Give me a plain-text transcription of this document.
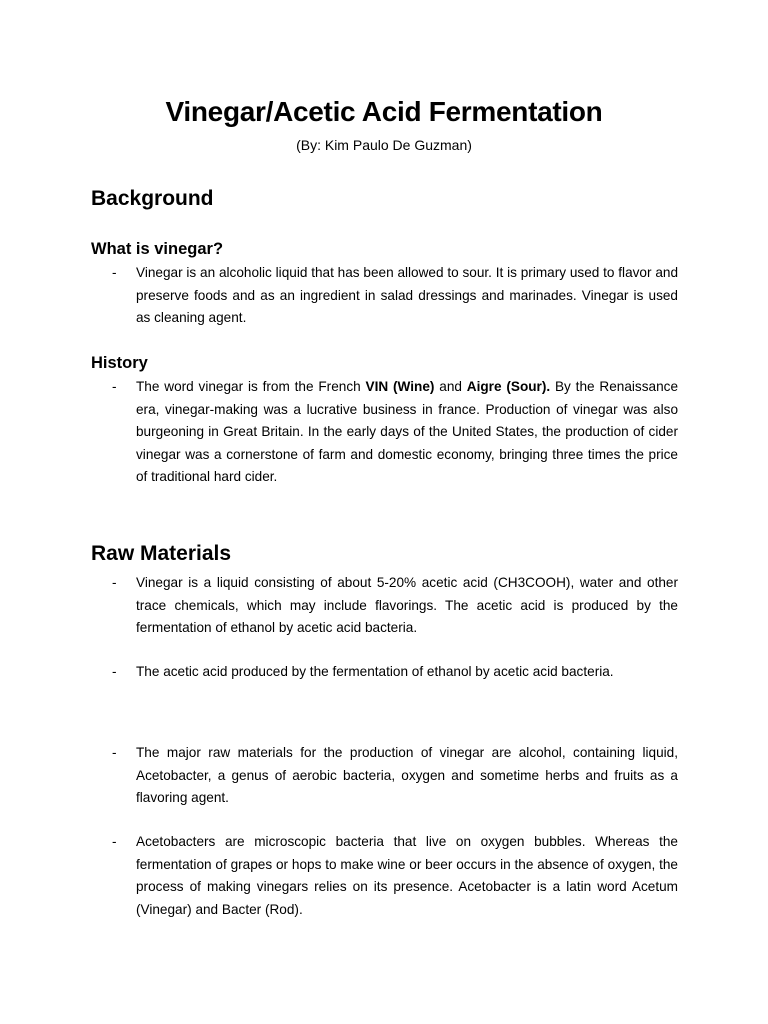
Vinegar/Acetic Acid Fermentation
(By: Kim Paulo De Guzman)
Background
What is vinegar?
-	Vinegar is an alcoholic liquid that has been allowed to sour. It is primary used to flavor and preserve foods and as an ingredient in salad dressings and marinades. Vinegar is used as cleaning agent.
History
-	The word vinegar is from the French VIN (Wine) and Aigre (Sour). By the Renaissance era, vinegar-making was a lucrative business in france. Production of vinegar was also burgeoning in Great Britain. In the early days of the United States, the production of cider vinegar was a cornerstone of farm and domestic economy, bringing three times the price of traditional hard cider.
Raw Materials
-	Vinegar is a liquid consisting of about 5-20% acetic acid (CH3COOH), water and other trace chemicals, which may include flavorings. The acetic acid is produced by the fermentation of ethanol by acetic acid bacteria.
-	The acetic acid produced by the fermentation of ethanol by acetic acid bacteria.
-	The major raw materials for the production of vinegar are alcohol, containing liquid, Acetobacter, a genus of aerobic bacteria, oxygen and sometime herbs and fruits as a flavoring agent.
-	Acetobacters are microscopic bacteria that live on oxygen bubbles. Whereas the fermentation of grapes or hops to make wine or beer occurs in the absence of oxygen, the process of making vinegars relies on its presence. Acetobacter is a latin word Acetum (Vinegar) and Bacter (Rod).
